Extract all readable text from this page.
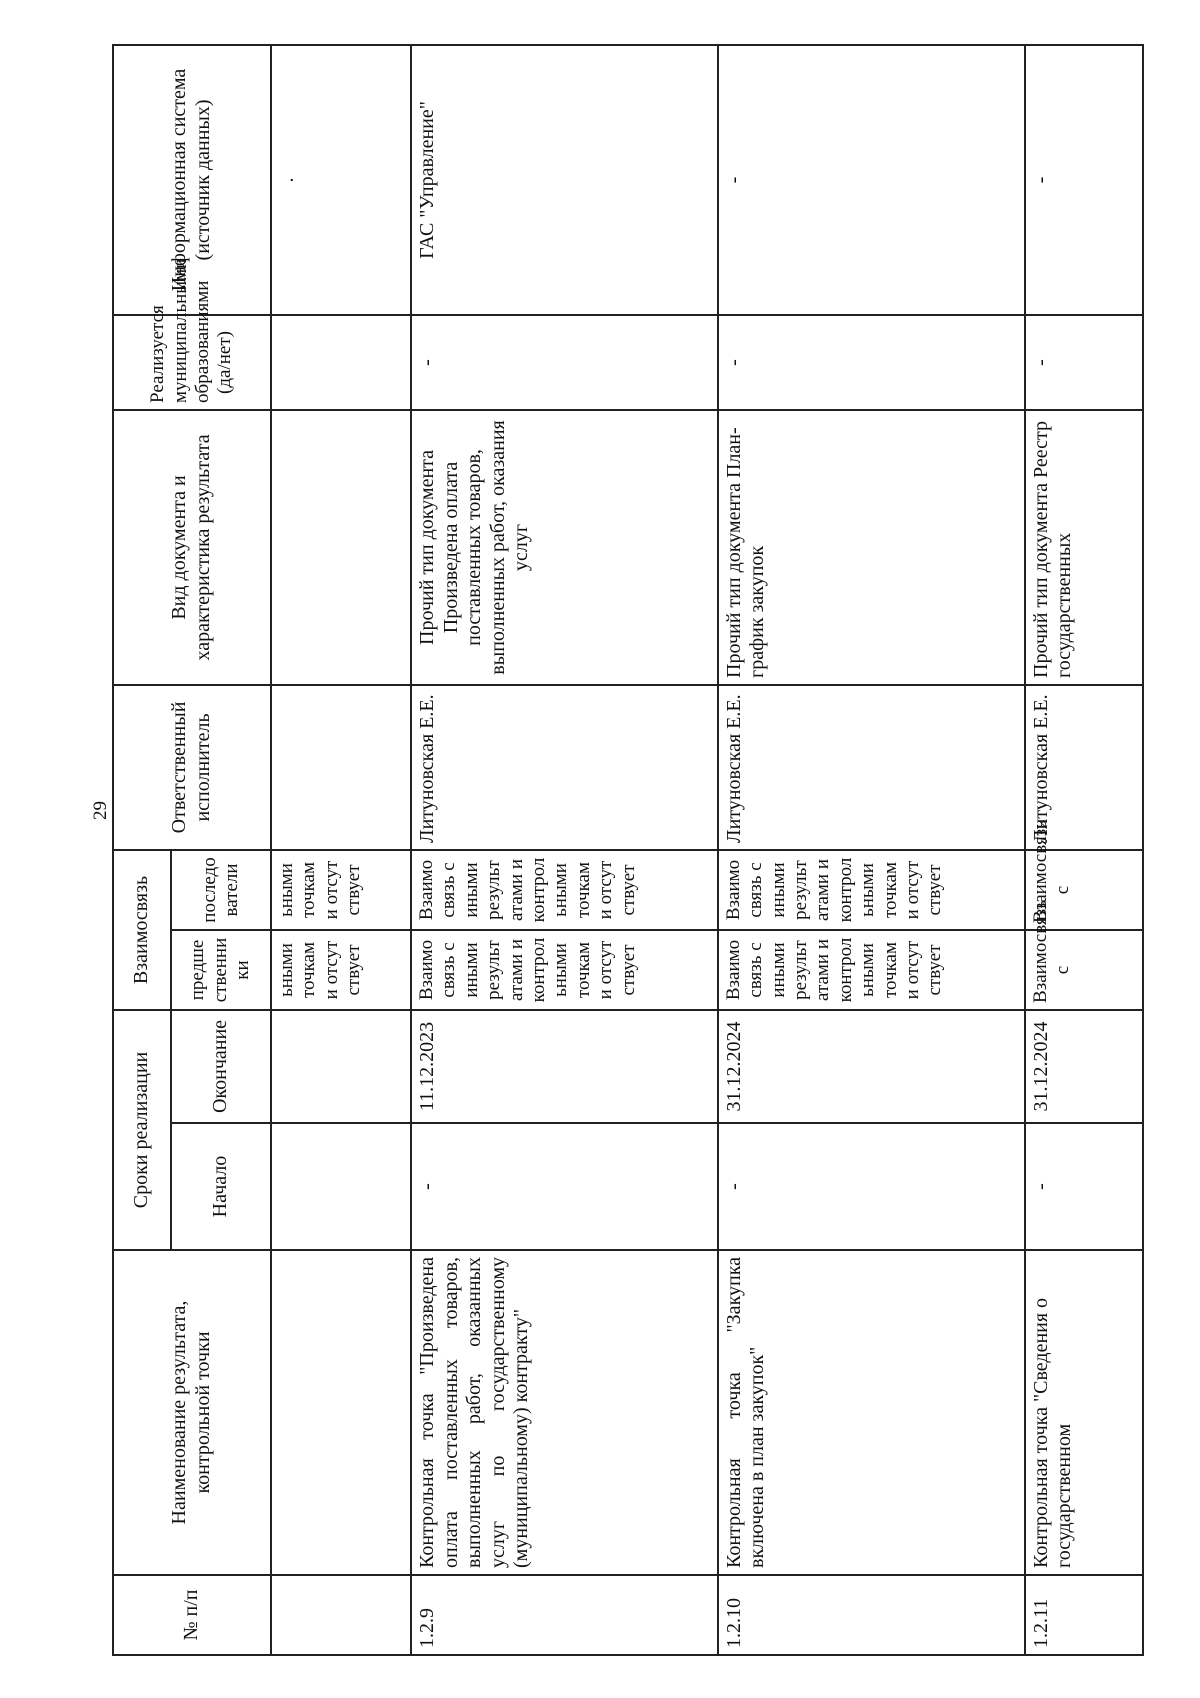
29
№ п/п	Наименование результата, контрольной точки	Сроки реализации		Взаимосвязь		Ответственный исполнитель	Вид документа и характеристика результата	Реализуется муниципальными образованиями (да/нет)	Информационная система (источник данных)
		Начало	Окончание	предшественники	последователи				
				ьными точками отсутствует	ьными точками отсутствует				.
1.2.9	Контрольная точка "Произведена оплата поставленных товаров, выполненных работ, оказанных услуг по государственному (муниципальному) контракту"	-	11.12.2023	Взаимосвязь с иными результатами и контрольными точками отсутствует	Взаимосвязь с иными результатами и контрольными точками отсутствует	Литуновская Е.Е.	Прочий тип документа Произведена оплата поставленных товаров, выполненных работ, оказания услуг	-	ГАС "Управление"
1.2.10	Контрольная точка "Закупка включена в план закупок"	-	31.12.2024	Взаимосвязь с иными результатами и контрольными точками отсутствует	Взаимосвязь с иными результатами и контрольными точками отсутствует	Литуновская Е.Е.	Прочий тип документа План-график закупок	-	-
1.2.11	Контрольная точка "Сведения о государственном	-	31.12.2024	Взаимосвязь с	Взаимосвязь с	Литуновская Е.Е.	Прочий тип документа Реестр государственных	-	-
